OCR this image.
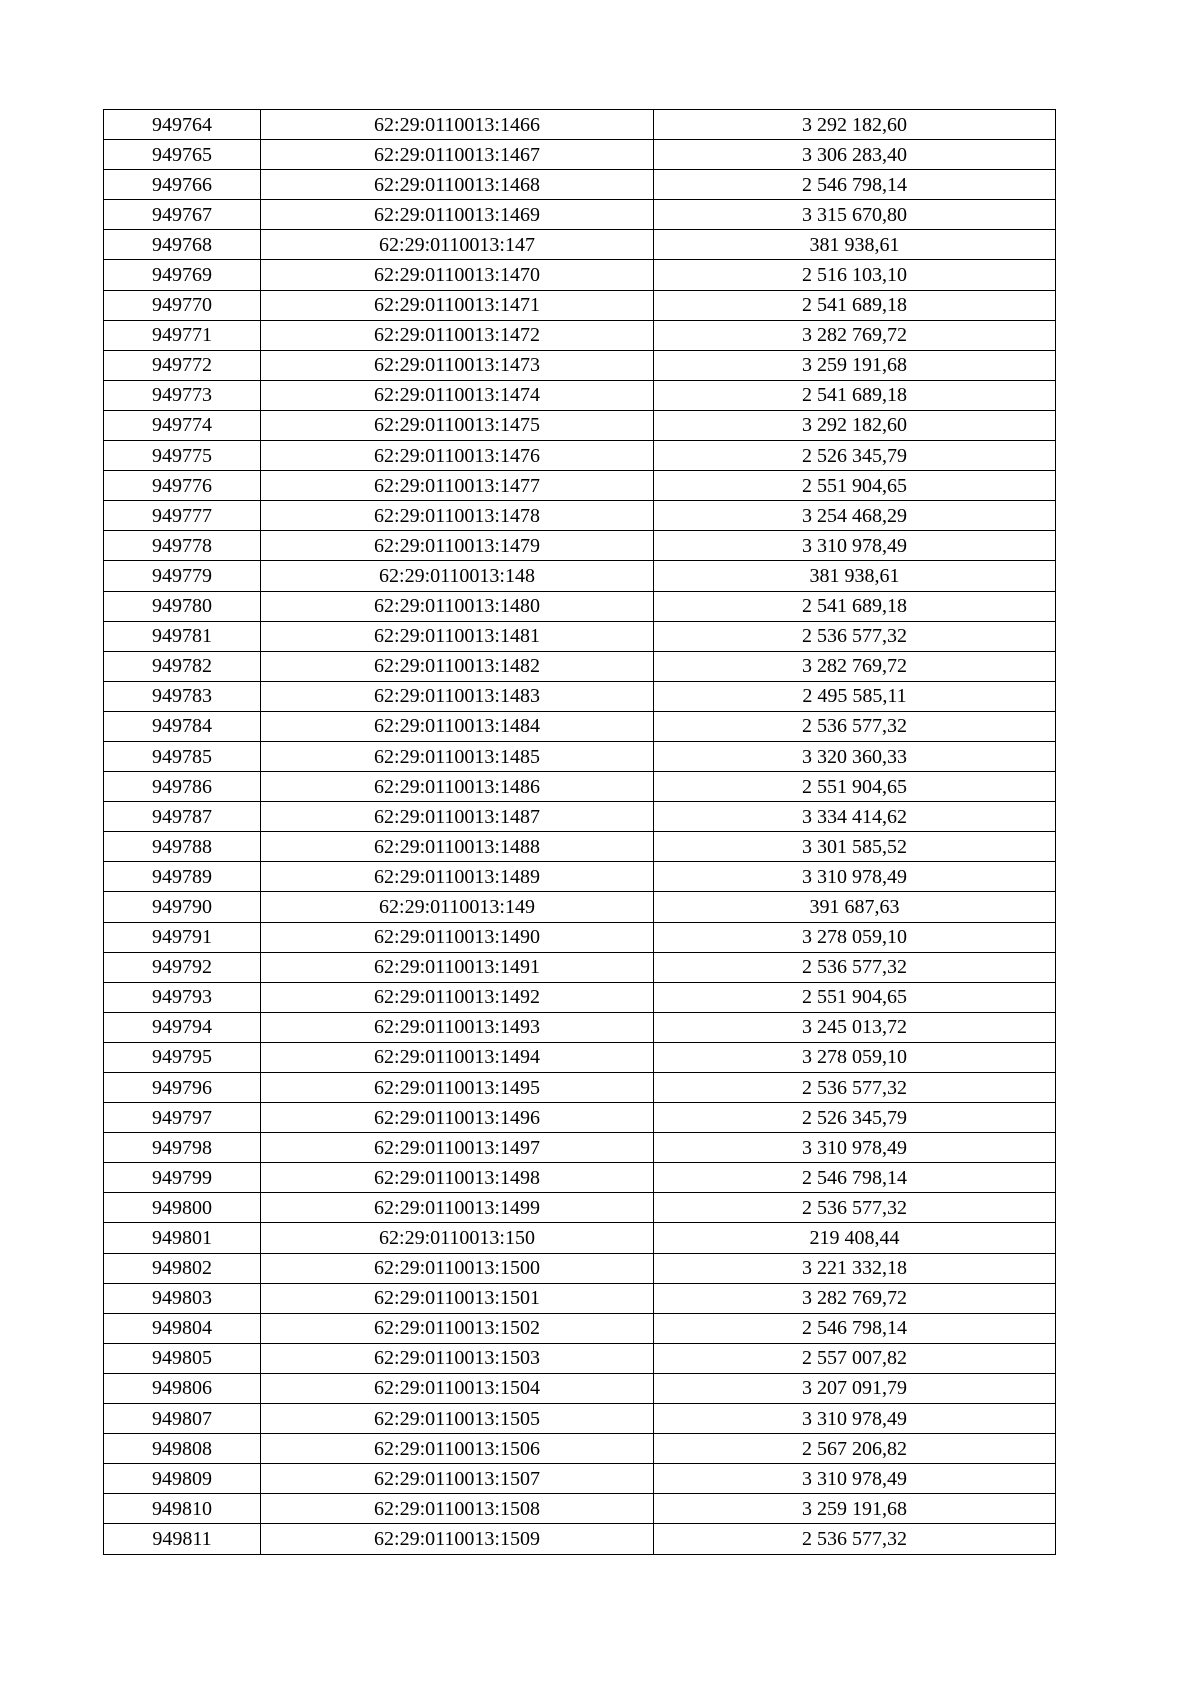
949764	62:29:0110013:1466	3 292 182,60
949765	62:29:0110013:1467	3 306 283,40
949766	62:29:0110013:1468	2 546 798,14
949767	62:29:0110013:1469	3 315 670,80
949768	62:29:0110013:147	381 938,61
949769	62:29:0110013:1470	2 516 103,10
949770	62:29:0110013:1471	2 541 689,18
949771	62:29:0110013:1472	3 282 769,72
949772	62:29:0110013:1473	3 259 191,68
949773	62:29:0110013:1474	2 541 689,18
949774	62:29:0110013:1475	3 292 182,60
949775	62:29:0110013:1476	2 526 345,79
949776	62:29:0110013:1477	2 551 904,65
949777	62:29:0110013:1478	3 254 468,29
949778	62:29:0110013:1479	3 310 978,49
949779	62:29:0110013:148	381 938,61
949780	62:29:0110013:1480	2 541 689,18
949781	62:29:0110013:1481	2 536 577,32
949782	62:29:0110013:1482	3 282 769,72
949783	62:29:0110013:1483	2 495 585,11
949784	62:29:0110013:1484	2 536 577,32
949785	62:29:0110013:1485	3 320 360,33
949786	62:29:0110013:1486	2 551 904,65
949787	62:29:0110013:1487	3 334 414,62
949788	62:29:0110013:1488	3 301 585,52
949789	62:29:0110013:1489	3 310 978,49
949790	62:29:0110013:149	391 687,63
949791	62:29:0110013:1490	3 278 059,10
949792	62:29:0110013:1491	2 536 577,32
949793	62:29:0110013:1492	2 551 904,65
949794	62:29:0110013:1493	3 245 013,72
949795	62:29:0110013:1494	3 278 059,10
949796	62:29:0110013:1495	2 536 577,32
949797	62:29:0110013:1496	2 526 345,79
949798	62:29:0110013:1497	3 310 978,49
949799	62:29:0110013:1498	2 546 798,14
949800	62:29:0110013:1499	2 536 577,32
949801	62:29:0110013:150	219 408,44
949802	62:29:0110013:1500	3 221 332,18
949803	62:29:0110013:1501	3 282 769,72
949804	62:29:0110013:1502	2 546 798,14
949805	62:29:0110013:1503	2 557 007,82
949806	62:29:0110013:1504	3 207 091,79
949807	62:29:0110013:1505	3 310 978,49
949808	62:29:0110013:1506	2 567 206,82
949809	62:29:0110013:1507	3 310 978,49
949810	62:29:0110013:1508	3 259 191,68
949811	62:29:0110013:1509	2 536 577,32
